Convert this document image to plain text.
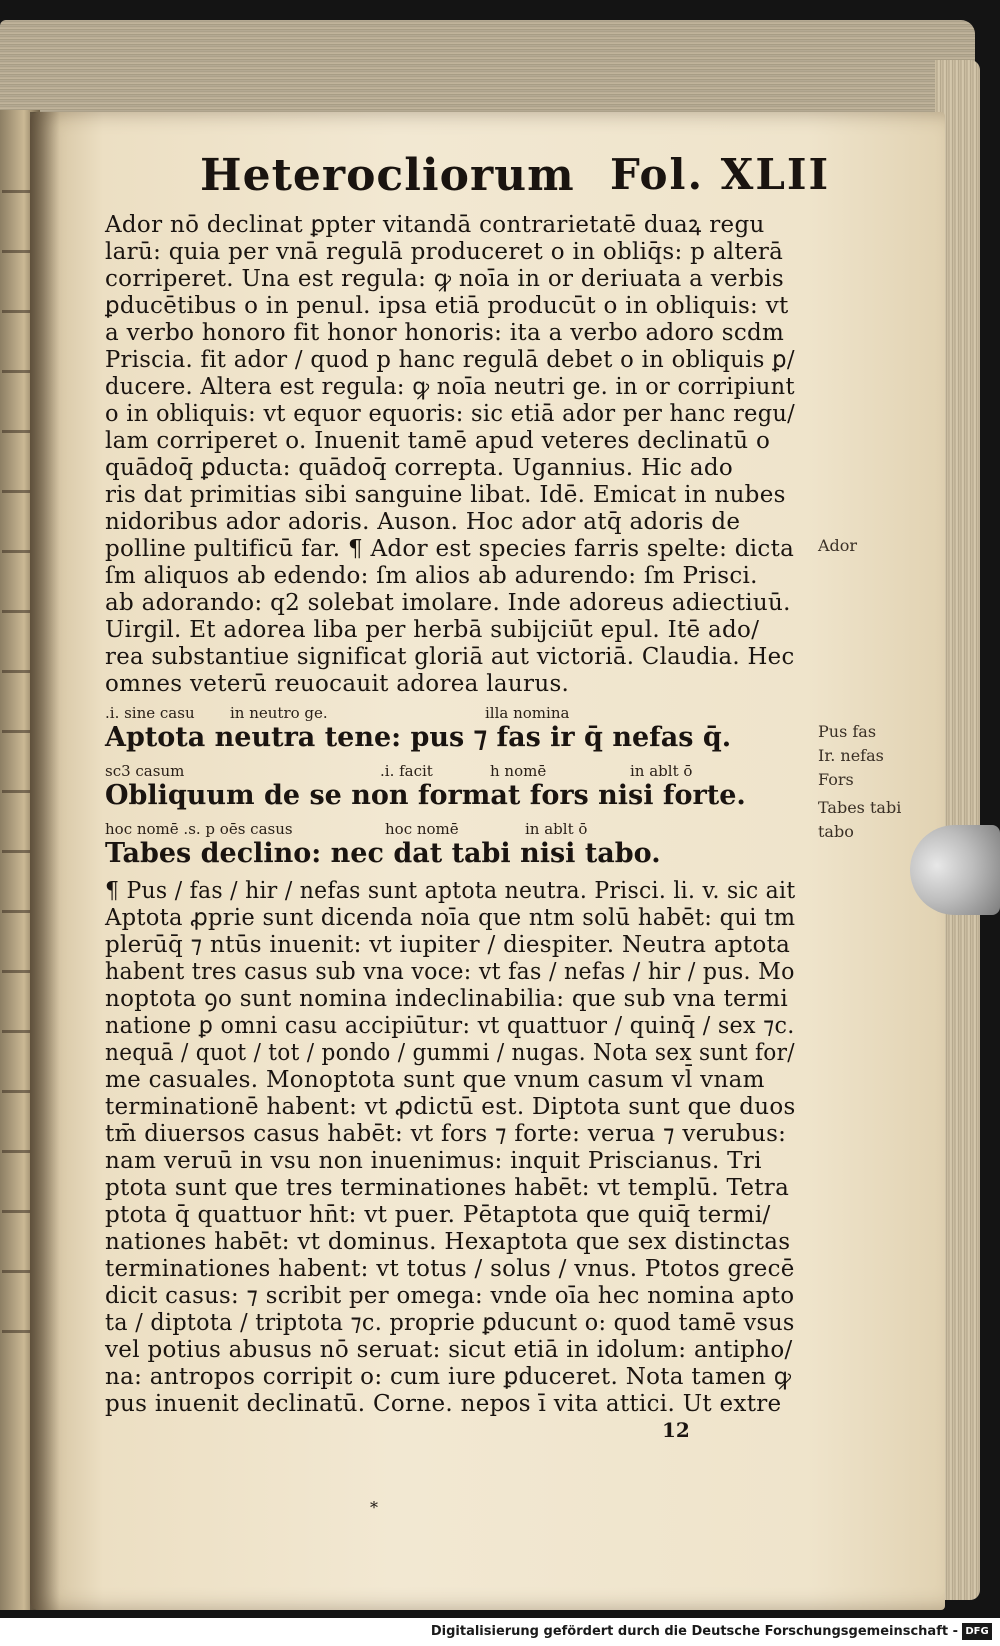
Heterocliorum Fol. XLII
Ador nō declinat ꝑpter vitandā contrarietatē duaꝝ regu
larū: quia per vnā regulā produceret o in obliq̄s: p alterā
corriperet. Una est regula: ꝙ noīa in or deriuata a verbis
ꝑducētibus o in penul. ipsa etiā producūt o in obliquis: vt
a verbo honoro fit honor honoris: ita a verbo adoro scdm
Priscia. fit ador / quod p hanc regulā debet o in obliquis ꝑ/
ducere. Altera est regula: ꝙ noīa neutri ge. in or corripiunt
o in obliquis: vt equor equoris: sic etiā ador per hanc regu/
lam corriperet o. Inuenit tamē apud veteres declinatū o
quādoq̄ ꝑducta: quādoq̄ correpta. Ugannius. Hic ado
ris dat primitias sibi sanguine libat. Idē. Emicat in nubes
nidoribus ador adoris. Auson. Hoc ador atq̄ adoris de
polline pultificū far. ¶ Ador est species farris spelte: dicta
ſm aliquos ab edendo: ſm alios ab adurendo: ſm Prisci.
ab adorando: q2 solebat imolare. Inde adoreus adiectiuū.
Uirgil. Et adorea liba per herbā subijciūt epul. Itē ado/
rea substantiue significat gloriā aut victoriā. Claudia. Hec
omnes veterū reuocauit adorea laurus.
.i. sine casu in neutro ge.	illa nomina
Aptota neutra tene: pus ⁊ fas ir q̄ nefas q̄.
sc3 casum	.i. facit	h nomē	in ablt ō
Obliquum de se non format fors nisi forte.
hoc nomē .s. p oēs casus	hoc nomē	in ablt ō
Tabes declino: nec dat tabi nisi tabo.
¶ Pus / fas / hir / nefas sunt aptota neutra. Prisci. li. v. sic ait
Aptota ꝓprie sunt dicenda noīa que ntm solū habēt: qui tm
plerūq̄ ⁊ ntūs inuenit: vt iupiter / diespiter. Neutra aptota
habent tres casus sub vna voce: vt fas / nefas / hir / pus. Mo
noptota ꝯo sunt nomina indeclinabilia: que sub vna termi
natione ꝑ omni casu accipiūtur: vt quattuor / quinq̄ / sex ⁊c.
nequā / quot / tot / pondo / gummi / nugas. Nota sex sunt for/
me casuales. Monoptota sunt que vnum casum vl̄ vnam
terminationē habent: vt ꝓdictū est. Diptota sunt que duos
tm̄ diuersos casus habēt: vt fors ⁊ forte: verua ⁊ verubus:
nam veruū in vsu non inuenimus: inquit Priscianus. Tri
ptota sunt que tres terminationes habēt: vt templū. Tetra
ptota q̄ quattuor hn̄t: vt puer. Pētaptota que quiq̄ termi/
nationes habēt: vt dominus. Hexaptota que sex distinctas
terminationes habent: vt totus / solus / vnus. Ptotos grecē
dicit casus: ⁊ scribit per omega: vnde oīa hec nomina apto
ta / diptota / triptota ⁊c. proprie ꝑducunt o: quod tamē vsus
vel potius abusus nō seruat: sicut etiā in idolum: antipho/
na: antropos corripit o: cum iure ꝑduceret. Nota tamen ꝙ
pus inuenit declinatū. Corne. nepos ī vita attici. Ut extre
Ador
Pus fas
Ir. nefas
Fors
Tabes tabi
tabo
12
*
Digitalisierung gefördert durch die Deutsche Forschungsgemeinschaft - DFG
